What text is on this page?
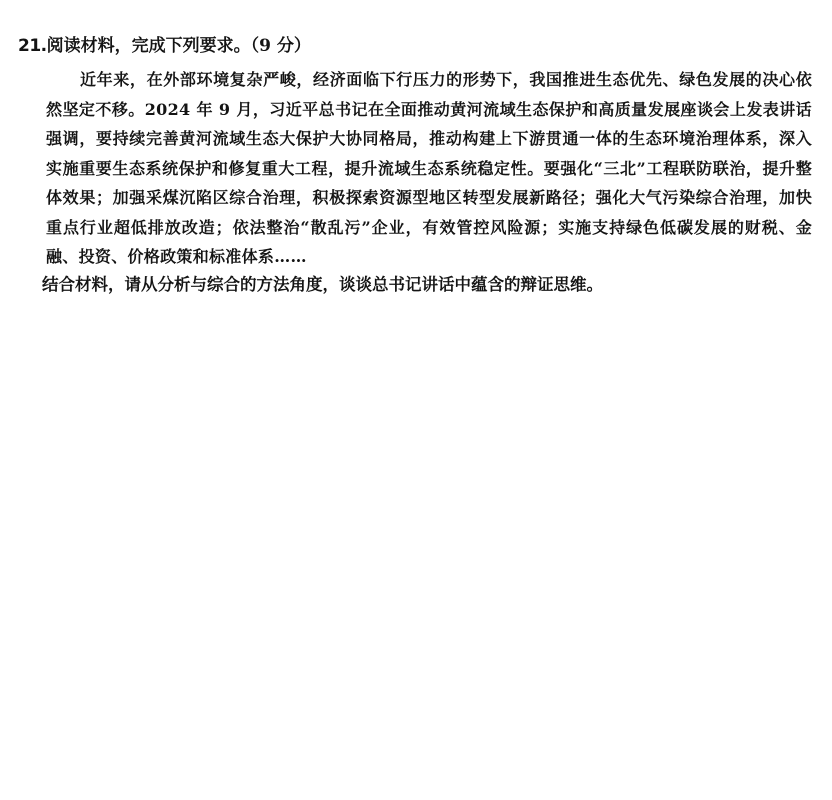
21.阅读材料，完成下列要求。（9 分）
近年来，在外部环境复杂严峻，经济面临下行压力的形势下，我国推进生态优先、绿色发展的决心依然坚定不移。2024 年 9 月，习近平总书记在全面推动黄河流域生态保护和高质量发展座谈会上发表讲话强调，要持续完善黄河流域生态大保护大协同格局，推动构建上下游贯通一体的生态环境治理体系，深入实施重要生态系统保护和修复重大工程，提升流域生态系统稳定性。要强化“三北”工程联防联治，提升整体效果；加强采煤沉陷区综合治理，积极探索资源型地区转型发展新路径；强化大气污染综合治理，加快重点行业超低排放改造；依法整治“散乱污”企业，有效管控风险源；实施支持绿色低碳发展的财税、金融、投资、价格政策和标准体系……
结合材料，请从分析与综合的方法角度，谈谈总书记讲话中蕴含的辩证思维。
